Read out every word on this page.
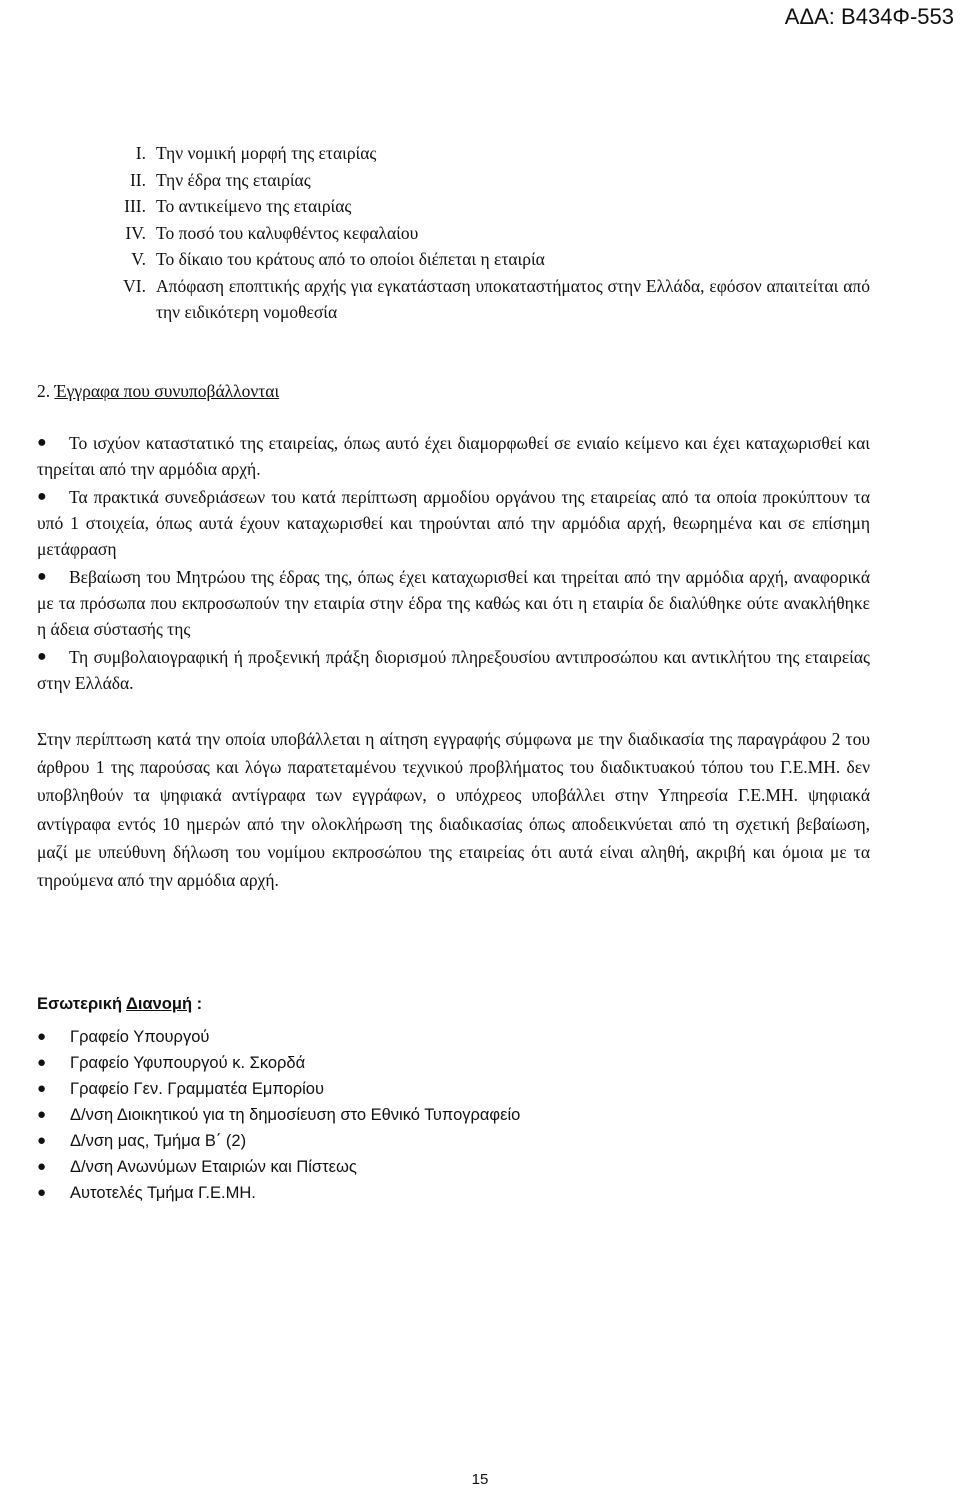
ΑΔΑ: Β434Φ-553
I. Την νομική μορφή της εταιρίας
II. Την έδρα της εταιρίας
III. Το αντικείμενο της εταιρίας
IV. Το ποσό του καλυφθέντος κεφαλαίου
V. Το δίκαιο του κράτους από το οποίοι διέπεται η εταιρία
VI. Απόφαση εποπτικής αρχής για εγκατάσταση υποκαταστήματος στην Ελλάδα, εφόσον απαιτείται από την ειδικότερη νομοθεσία
2. Έγγραφα που συνυποβάλλονται
● Το ισχύον καταστατικό της εταιρείας, όπως αυτό έχει διαμορφωθεί σε ενιαίο κείμενο και έχει καταχωρισθεί και τηρείται από την αρμόδια αρχή.
● Τα πρακτικά συνεδριάσεων του κατά περίπτωση αρμοδίου οργάνου της εταιρείας από τα οποία προκύπτουν τα υπό 1 στοιχεία, όπως αυτά έχουν καταχωρισθεί και τηρούνται από την αρμόδια αρχή, θεωρημένα και σε επίσημη μετάφραση
● Βεβαίωση του Μητρώου της έδρας της, όπως έχει καταχωρισθεί και τηρείται από την αρμόδια αρχή, αναφορικά με τα πρόσωπα που εκπροσωπούν την εταιρία στην έδρα της καθώς και ότι η εταιρία δε διαλύθηκε ούτε ανακλήθηκε η άδεια σύστασής της
● Τη συμβολαιογραφική ή προξενική πράξη διορισμού πληρεξουσίου αντιπροσώπου και αντικλήτου της εταιρείας στην Ελλάδα.
Στην περίπτωση κατά την οποία υποβάλλεται η αίτηση εγγραφής σύμφωνα με την διαδικασία της παραγράφου 2 του άρθρου 1 της παρούσας και λόγω παρατεταμένου τεχνικού προβλήματος του διαδικτυακού τόπου του Γ.Ε.ΜΗ. δεν υποβληθούν τα ψηφιακά αντίγραφα των εγγράφων, ο υπόχρεος υποβάλλει στην Υπηρεσία Γ.Ε.ΜΗ. ψηφιακά αντίγραφα εντός 10 ημερών από την ολοκλήρωση της διαδικασίας όπως αποδεικνύεται από τη σχετική βεβαίωση, μαζί με υπεύθυνη δήλωση του νομίμου εκπροσώπου της εταιρείας ότι αυτά είναι αληθή, ακριβή και όμοια με τα τηρούμενα από την αρμόδια αρχή.
Εσωτερική Διανομή :
● Γραφείο Υπουργού
● Γραφείο Υφυπουργού κ. Σκορδά
● Γραφείο Γεν. Γραμματέα Εμπορίου
● Δ/νση Διοικητικού για τη δημοσίευση στο Εθνικό Τυπογραφείο
● Δ/νση μας, Τμήμα Β΄ (2)
● Δ/νση Ανωνύμων Εταιριών και Πίστεως
● Αυτοτελές Τμήμα Γ.Ε.ΜΗ.
15
